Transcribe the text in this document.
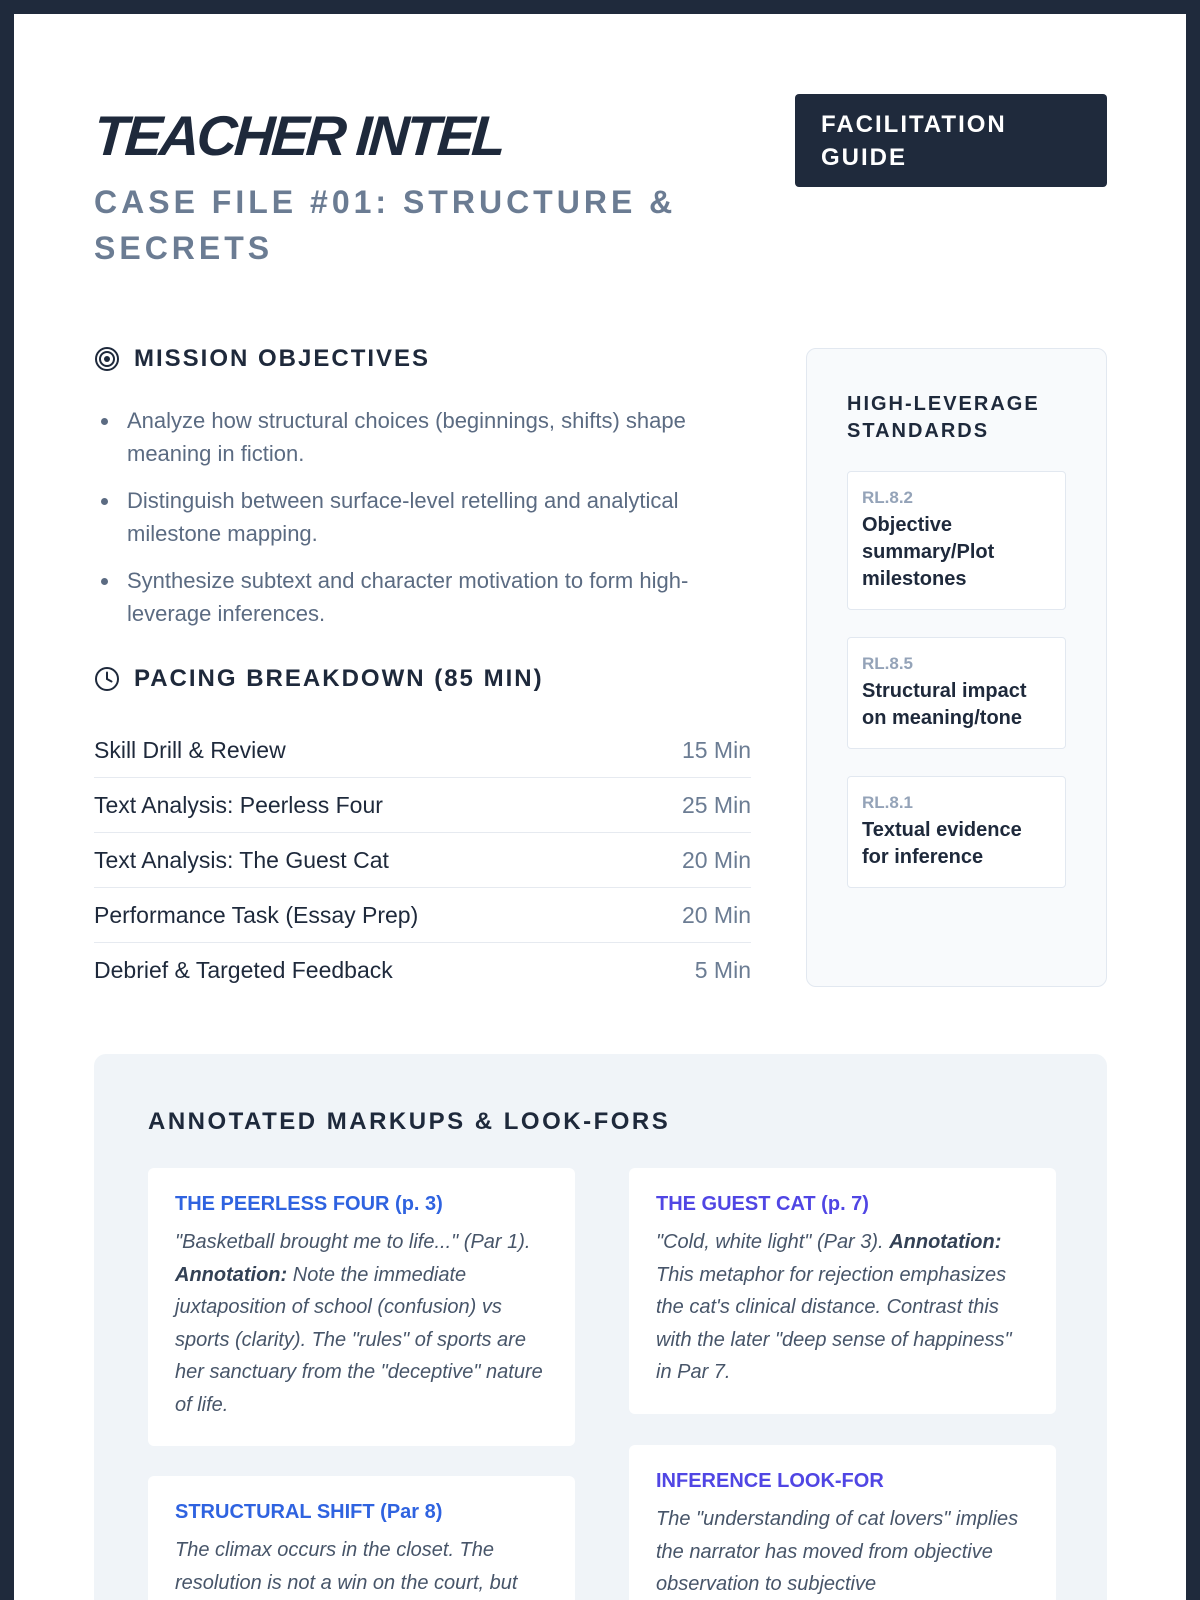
TEACHER INTEL
CASE FILE #01: STRUCTURE & SECRETS
FACILITATION GUIDE
MISSION OBJECTIVES
Analyze how structural choices (beginnings, shifts) shape meaning in fiction.
Distinguish between surface-level retelling and analytical milestone mapping.
Synthesize subtext and character motivation to form high-leverage inferences.
PACING BREAKDOWN (85 MIN)
Skill Drill & Review	15 Min
Text Analysis: Peerless Four	25 Min
Text Analysis: The Guest Cat	20 Min
Performance Task (Essay Prep)	20 Min
Debrief & Targeted Feedback	5 Min
HIGH-LEVERAGE STANDARDS
RL.8.2
Objective summary/Plot milestones
RL.8.5
Structural impact on meaning/tone
RL.8.1
Textual evidence for inference
ANNOTATED MARKUPS & LOOK-FORS
THE PEERLESS FOUR (p. 3)
"Basketball brought me to life..." (Par 1). Annotation: Note the immediate juxtaposition of school (confusion) vs sports (clarity). The "rules" of sports are her sanctuary from the "deceptive" nature of life.
THE GUEST CAT (p. 7)
"Cold, white light" (Par 3). Annotation: This metaphor for rejection emphasizes the cat's clinical distance. Contrast this with the later "deep sense of happiness" in Par 7.
STRUCTURAL SHIFT (Par 8)
The climax occurs in the closet. The resolution is not a win on the court, but
INFERENCE LOOK-FOR
The "understanding of cat lovers" implies the narrator has moved from objective observation to subjective
